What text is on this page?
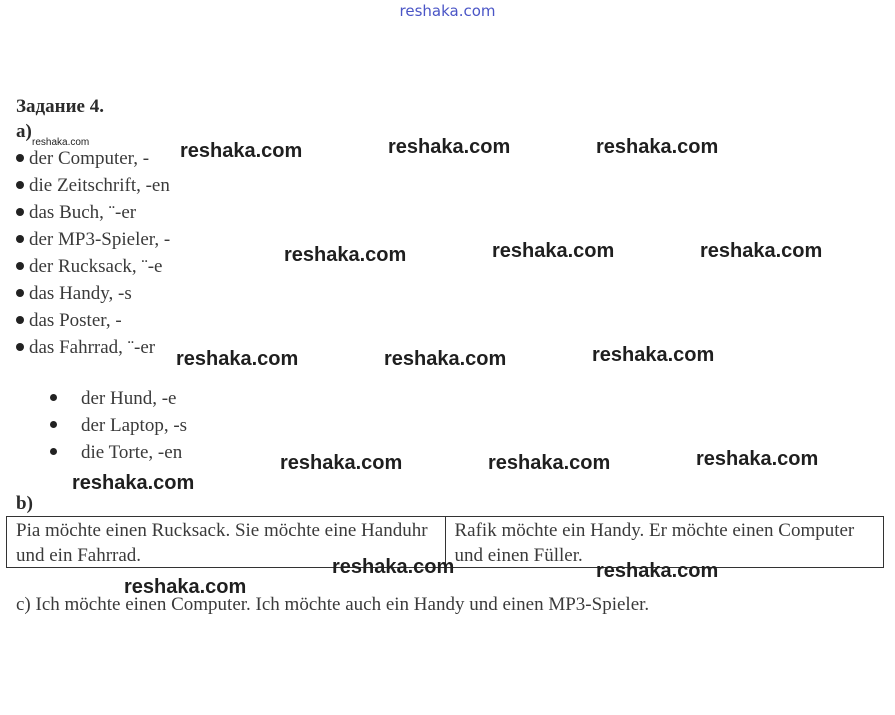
reshaka.com
Задание 4.
a)
reshaka.com
der Computer, -
die Zeitschrift, -en
das Buch, ¨-er
der MP3-Spieler, -
der Rucksack, ¨-e
das Handy, -s
das Poster, -
das Fahrrad, ¨-er
der Hund, -e
der Laptop, -s
die Torte, -en
b)
Pia möchte einen Rucksack. Sie möchte eine Handuhr und ein Fahrrad.
Rafik möchte ein Handy. Er möchte einen Computer und einen Füller.
c) Ich möchte einen Computer. Ich möchte auch ein Handy und einen MP3-Spieler.
reshaka.com	reshaka.com	reshaka.com
reshaka.com	reshaka.com	reshaka.com
reshaka.com	reshaka.com	reshaka.com
reshaka.com	reshaka.com	reshaka.com
reshaka.com
reshaka.com
reshaka.com	reshaka.com
